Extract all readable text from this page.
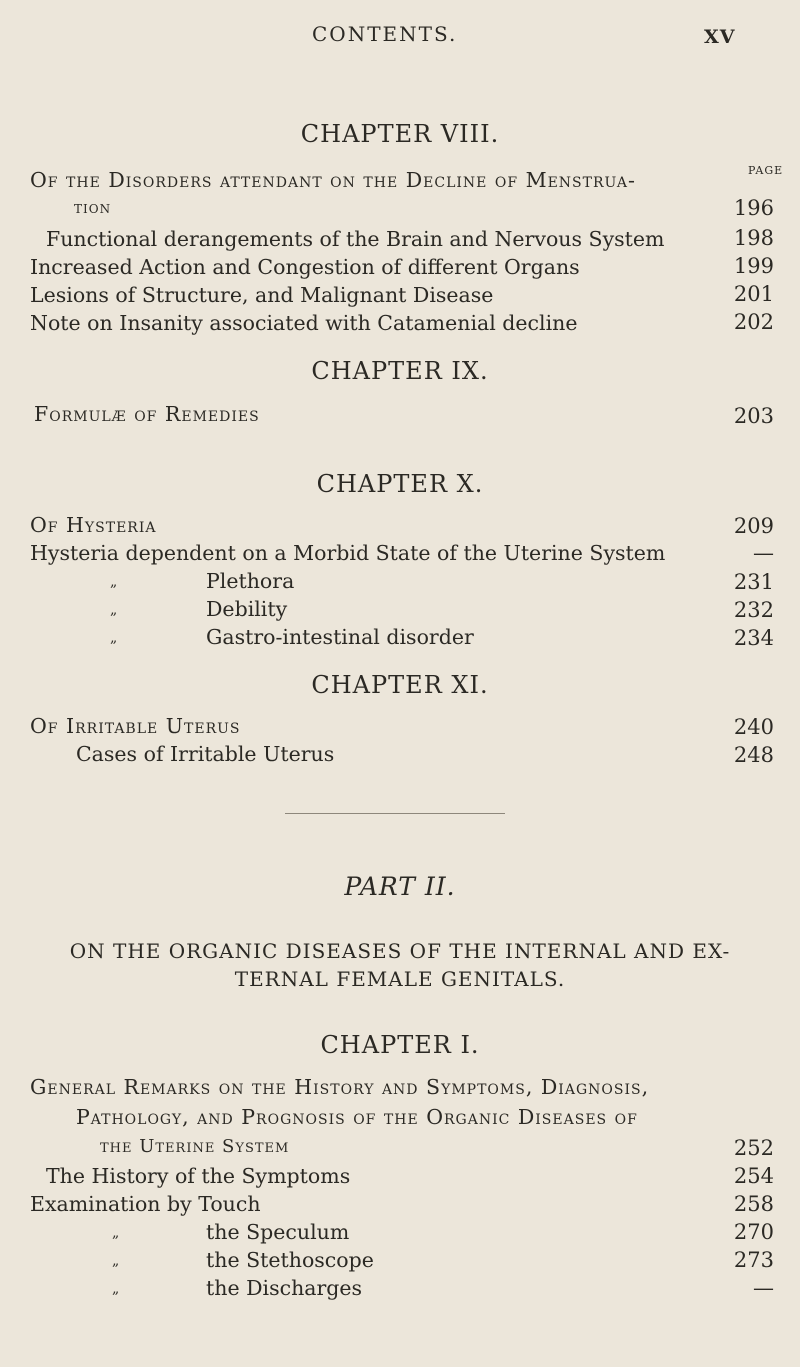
CONTENTS.	XV
CHAPTER VIII.
PAGE
Of the Disorders attendant on the Decline of Menstrua-
tion	196
Functional derangements of the Brain and Nervous System	198
Increased Action and Congestion of different Organs	199
Lesions of Structure, and Malignant Disease	201
Note on Insanity associated with Catamenial decline	202
CHAPTER IX.
Formulæ of Remedies	203
CHAPTER X.
Of Hysteria	209
Hysteria dependent on a Morbid State of the Uterine System	—
„	Plethora	231
„	Debility	232
„	Gastro-intestinal disorder	234
CHAPTER XI.
Of Irritable Uterus	240
Cases of Irritable Uterus	248
PART II.
ON THE ORGANIC DISEASES OF THE INTERNAL AND EX-TERNAL FEMALE GENITALS.
CHAPTER I.
General Remarks on the History and Symptoms, Diagnosis,
Pathology, and Prognosis of the Organic Diseases of
the Uterine System	252
The History of the Symptoms	254
Examination by Touch	258
„	the Speculum	270
„	the Stethoscope	273
„	the Discharges	—
